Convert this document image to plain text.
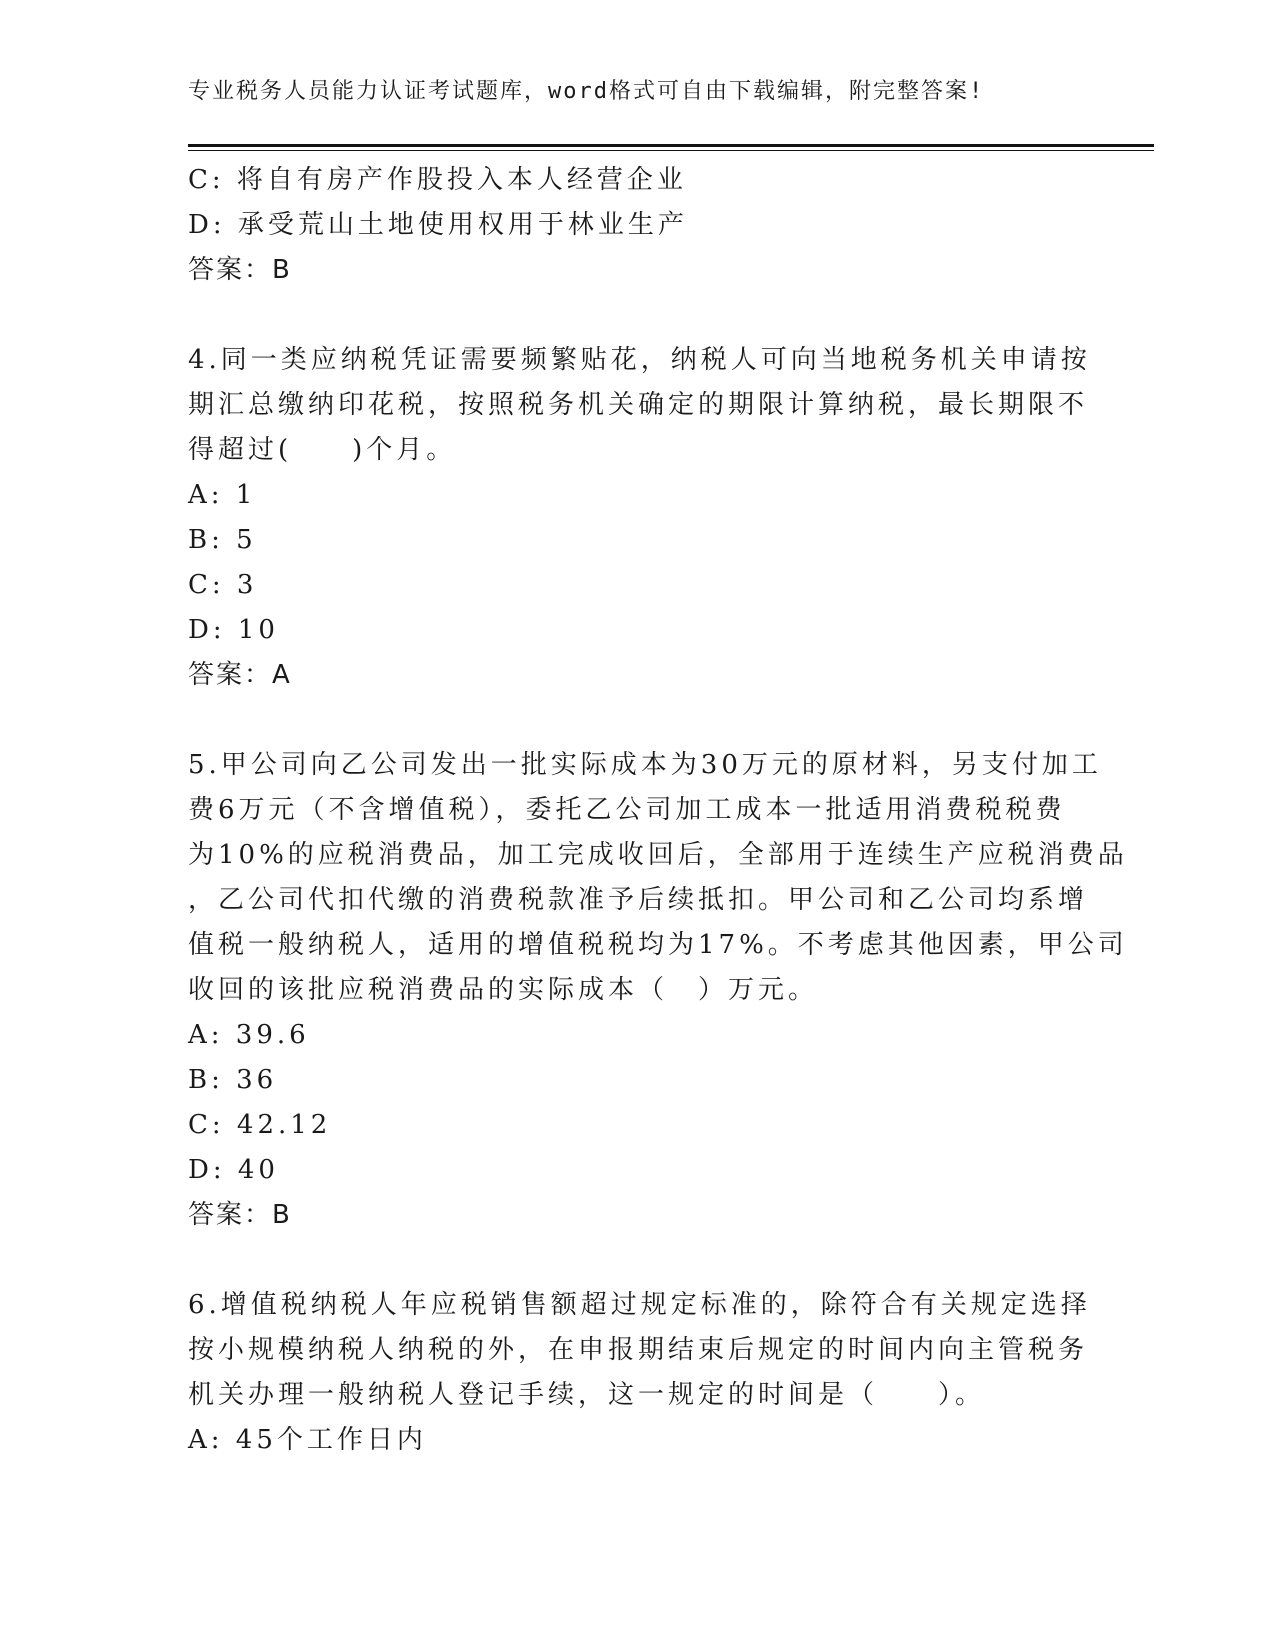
专业税务人员能力认证考试题库，word格式可自由下载编辑，附完整答案!
C: 将自有房产作股投入本人经营企业
D: 承受荒山土地使用权用于林业生产
答案：B
4.同一类应纳税凭证需要频繁贴花，纳税人可向当地税务机关申请按
期汇总缴纳印花税，按照税务机关确定的期限计算纳税，最长期限不
得超过(　　)个月。
A: 1
B: 5
C: 3
D: 10
答案：A
5.甲公司向乙公司发出一批实际成本为30万元的原材料，另支付加工
费6万元（不含增值税），委托乙公司加工成本一批适用消费税税费
为10%的应税消费品，加工完成收回后，全部用于连续生产应税消费品
，乙公司代扣代缴的消费税款准予后续抵扣。甲公司和乙公司均系增
值税一般纳税人，适用的增值税税均为17%。不考虑其他因素，甲公司
收回的该批应税消费品的实际成本（　）万元。
A: 39.6
B: 36
C: 42.12
D: 40
答案：B
6.增值税纳税人年应税销售额超过规定标准的，除符合有关规定选择
按小规模纳税人纳税的外，在申报期结束后规定的时间内向主管税务
机关办理一般纳税人登记手续，这一规定的时间是（　　）。
A: 45个工作日内
